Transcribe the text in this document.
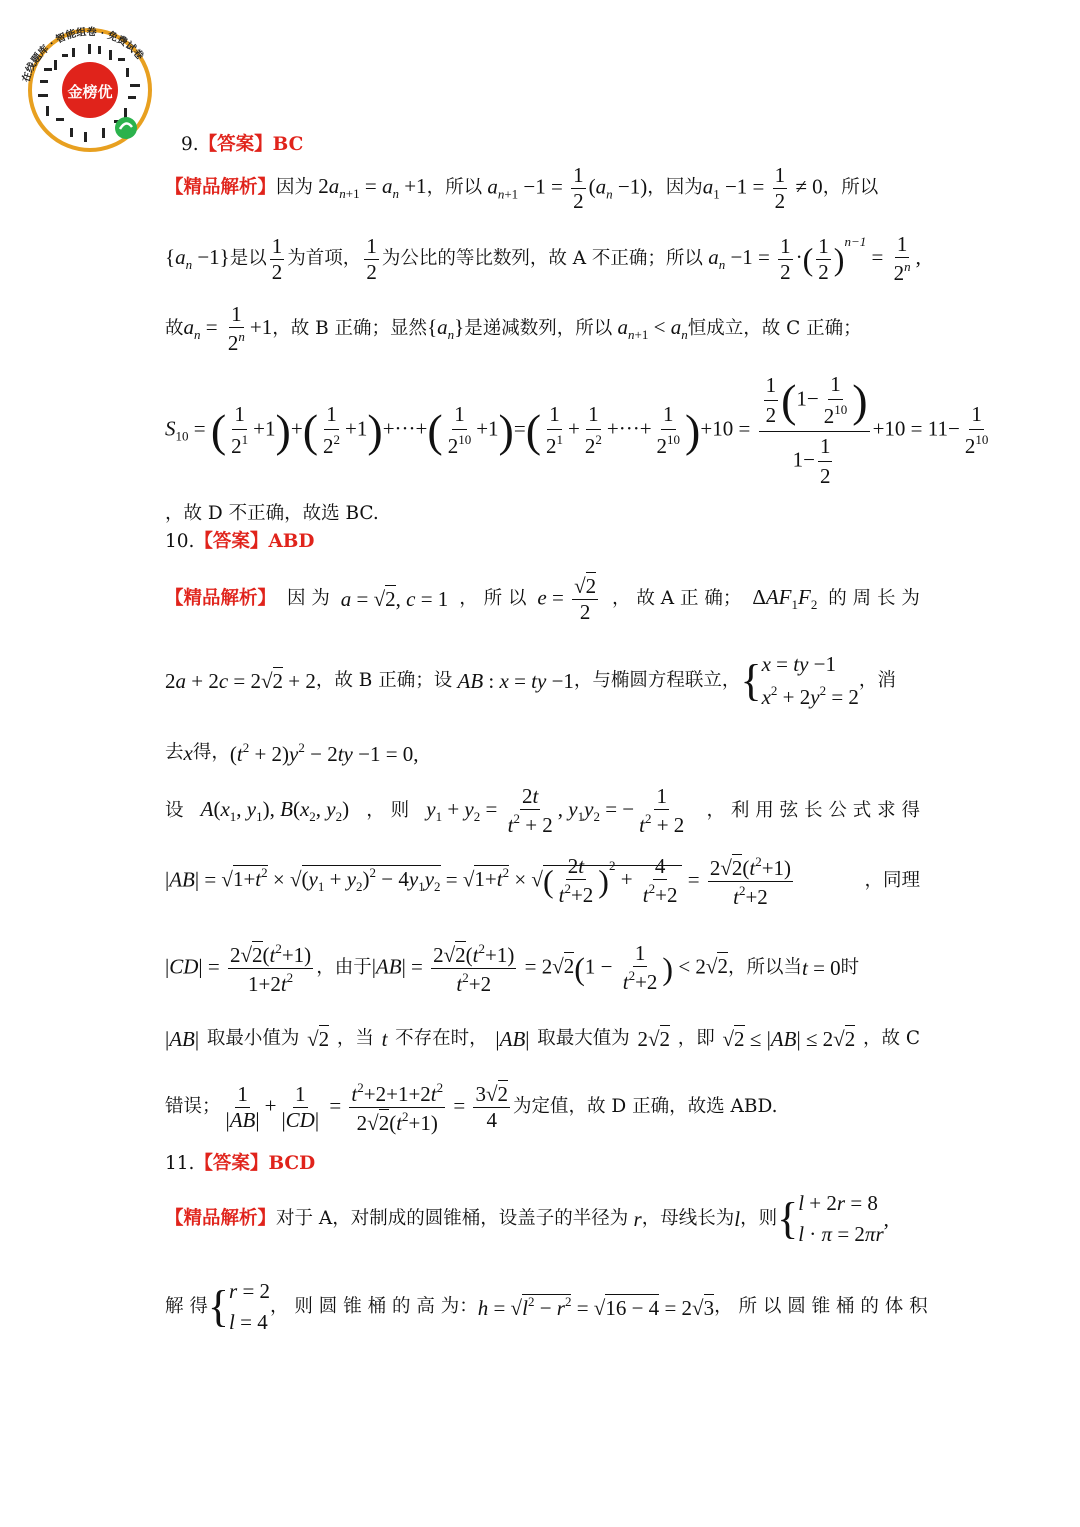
金榜优
在线题库 · 智能组卷 · 免费试卷
9.【答案】BC
【精品解析】 因为 $2a_{n+1} = a_n +1$ ，所以 $a_{n+1} -1 = \frac{1}{2} (a_n -1)$ ，因为 $a_1 -1 = \frac{1}{2} \ne 0$ ，所以
$\{a_n -1\}$ 是以 $\frac{1}{2}$ 为首项， $\frac{1}{2}$ 为公比的等比数列，故 A 不正确；所以 $a_n -1 = \frac{1}{2}$ ·( $\frac{1}{2} )^{n-1} = \frac{1}{2^n}$ ,
故 $a_n = \frac{1}{2^n} +1$ ，故 B 正确；显然 $\{a_n\}$ 是递减数列，所以 $a_{n+1} < a_n$ 恒成立，故 C 正确；
$S_{10}$ = ( $\frac{1}{2^1} +1)+( \frac{1}{2^2} +1)+\cdot\cdot\cdot+( \frac{1}{2^{10}} +1)=( \frac{1}{2^1} + \frac{1}{2^2}$ +···+ $\frac{1}{2^{10}} )+10 = \frac{\frac{1}{2} (1- \frac{1}{2^{10}} )}{1- \frac{1}{2}} +10 = 11- \frac{1}{2^{10}}$
，故 D 不正确，故选 BC.
10.【答案】ABD
【精品解析】 因 为 a = √2, c = 1 ， 所 以 $e = \frac{√2}{2}$ ， 故 A 正 确； $\Delta AF_1F_2$ 的 周 长 为
2a + 2c = 2√2 + 2 ，故 B 正确；设 AB : x = ty −1 ，与椭圆方程联立， { x = ty −1
$x^2 + 2y^2 = 2$
，消
去 x 得， $(t^2 + 2)y^2 - 2ty -1 = 0$,
设 $A(x_1$, $y_1$), $B(x_2$, $y_2$) ， 则 $y_1 + y_2 = \frac{2t}{t^2 + 2}$ , $y_1y_2$ = − $\frac{1}{t^2 + 2}$ ， 利 用 弦 长 公 式 求 得
$|AB| = √1+t^2 \times √(y_1 + y_2)^2 - 4y_1y_2 = √1+t^2$ × √( $\frac{2t}{t^2+2} )^2 + \frac{4}{t^2+2} = \frac{2√2(t^2+1)}{t^2+2}$	，同理
$|CD| = \frac{2√2(t^2+1)}{1+2t^2}$ ，由于 $|AB| = \frac{2√2(t^2+1)}{t^2+2} = 2√2(1 - \frac{1}{t^2+2}$ ) < 2√2 ，所以当 t = 0 时
|AB| 取最小值为 √2 ，当 t 不存在时， |AB| 取最大值为 2√2 ，即 √2 ≤ |AB| ≤ 2√2 ，故 C
错误； $\frac{1}{|AB|} + \frac{1}{|CD|} = \frac{t^2+2+1+2t^2}{2√2(t^2+1)} = \frac{3√2}{4}$ 为定值，故 D 正确，故选 ABD.
11.【答案】BCD
【精品解析】 对于 A，对制成的圆锥桶，设盖子的半径为 r ，母线长为 l ，则 { l + 2r = 8
l · π = 2πr
,
解 得 { r = 2
l = 4
， 则 圆 锥 桶 的 高 为： $h = √l^2 - r^2 = √16 - 4 = 2√3$ ， 所 以 圆 锥 桶 的 体 积
